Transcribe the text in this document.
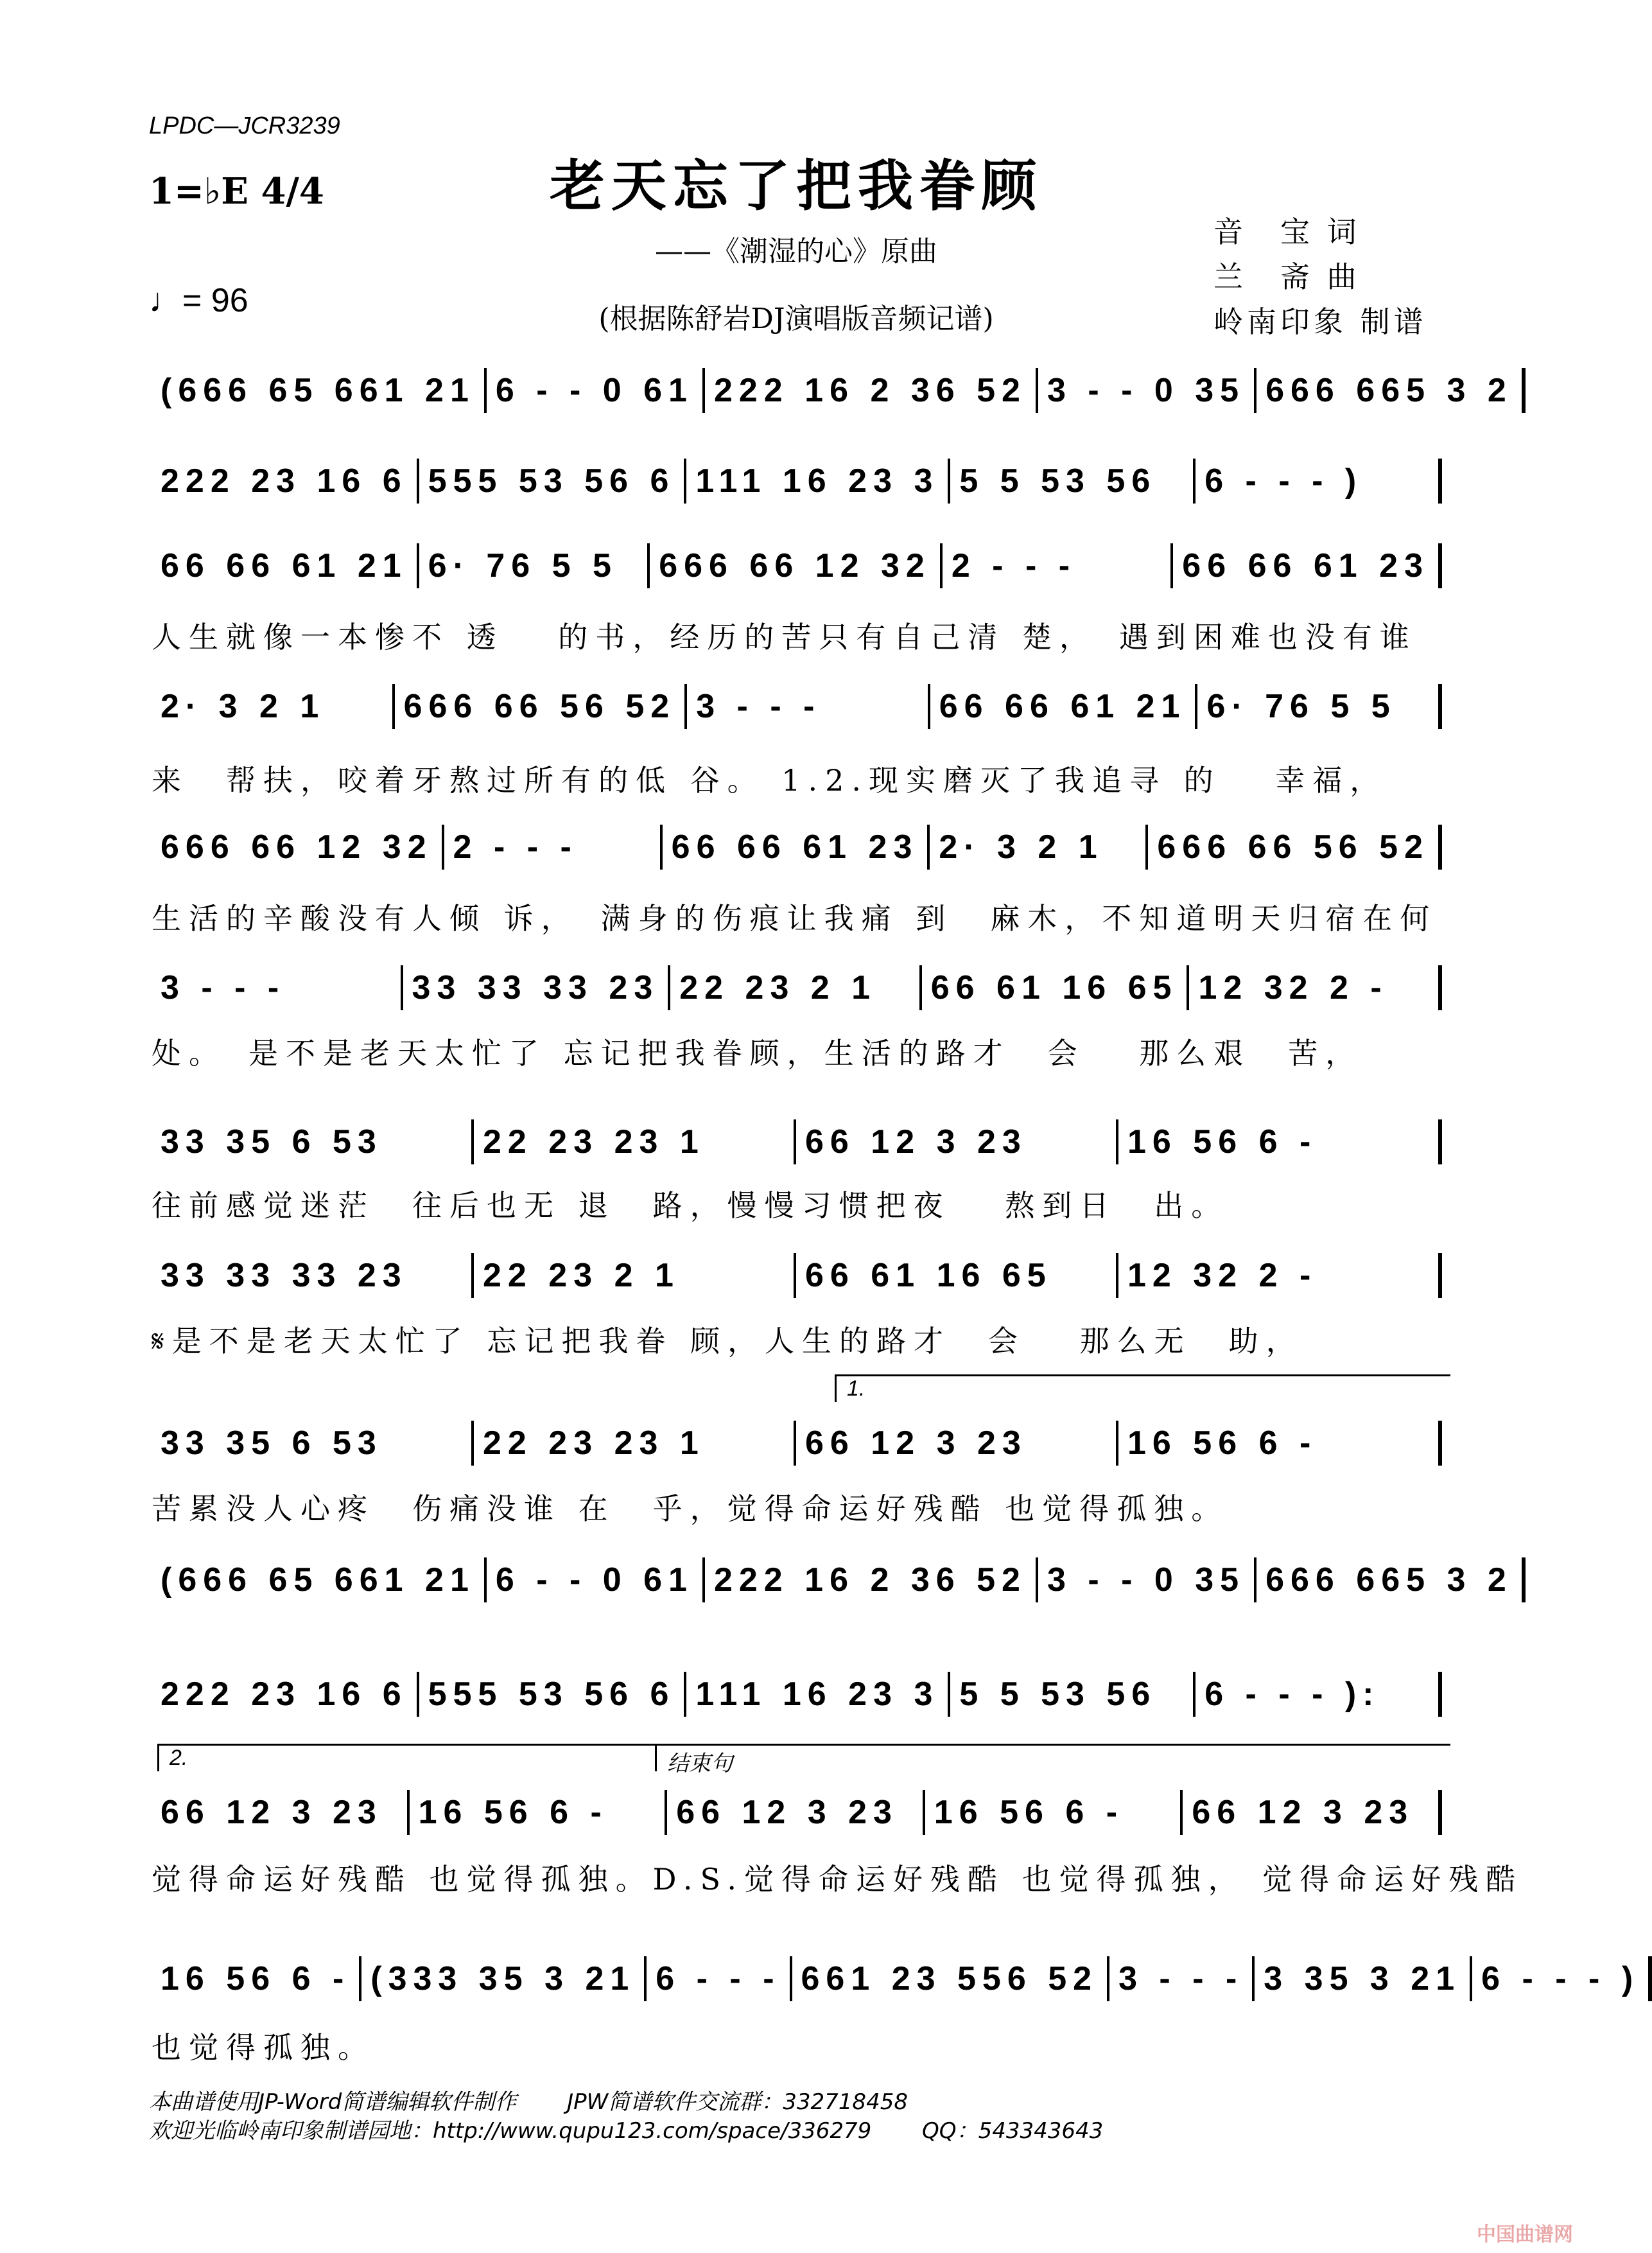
LPDC—JCR3239
老天忘了把我眷顾
——《潮湿的心》原曲
(根据陈舒岩DJ演唱版音频记谱)
1=♭E 4/4
♩= 96
音　宝 词
兰　斋 曲
岭南印象 制谱
(666 65 661 21 6 - - 0 61 222 16 2 36 52 3 - - 0 35 666 665 3 2
222 23 16 6 555 53 56 6 111 16 23 3 5 5 53 56	6 - - - )
66 66 61 21 6· 76 5 5	666 66 12 32 2 - - -	66 66 61 23
人生就像一本惨不 透　 的书，经历的苦只有自己清 楚，　遇到困难也没有谁
2· 3 2 1	666 66 56 52 3 - - -	66 66 61 21 6· 76 5 5
来　帮扶，咬着牙熬过所有的低 谷。 1.2.现实磨灭了我追寻 的　 幸福，
666 66 12 32 2 - - -	66 66 61 23 2· 3 2 1	666 66 56 52
生活的辛酸没有人倾 诉，　满身的伤痕让我痛 到　麻木，不知道明天归宿在何
3 - - -	33 33 33 23 22 23 2 1	66 61 16 65 12 32 2 -
处。　是不是老天太忙了 忘记把我眷顾，生活的路才　会　 那么艰　苦，
33 35 6 53	22 23 23 1	66 12 3 23	16 56 6 -
往前感觉迷茫　往后也无 退　路，慢慢习惯把夜　 熬到日　出。
33 33 33 23	22 23 2 1	66 61 16 65	12 32 2 -
𝄋是不是老天太忙了 忘记把我眷 顾，人生的路才　会　 那么无　助，
33 35 6 53	22 23 23 1	66 12 3 23	16 56 6 -
苦累没人心疼　伤痛没谁 在　乎，觉得命运好残酷 也觉得孤独。
(666 65 661 21 6 - - 0 61 222 16 2 36 52 3 - - 0 35 666 665 3 2
222 23 16 6 555 53 56 6 111 16 23 3 5 5 53 56	6 - - - ):
66 12 3 23	16 56 6 -	66 12 3 23	16 56 6 -	66 12 3 23
觉得命运好残酷 也觉得孤独。D.S.觉得命运好残酷 也觉得孤独， 觉得命运好残酷
16 56 6 - (333 35 3 21 6 - - - 661 23 556 52 3 - - - 3 35 3 21 6 - - - )
也觉得孤独。
1.
2.	结束句
本曲谱使用JP-Word简谱编辑软件制作　　 JPW简谱软件交流群：332718458
欢迎光临岭南印象制谱园地：http://www.qupu123.com/space/336279　　 QQ：543343643
中国曲谱网
